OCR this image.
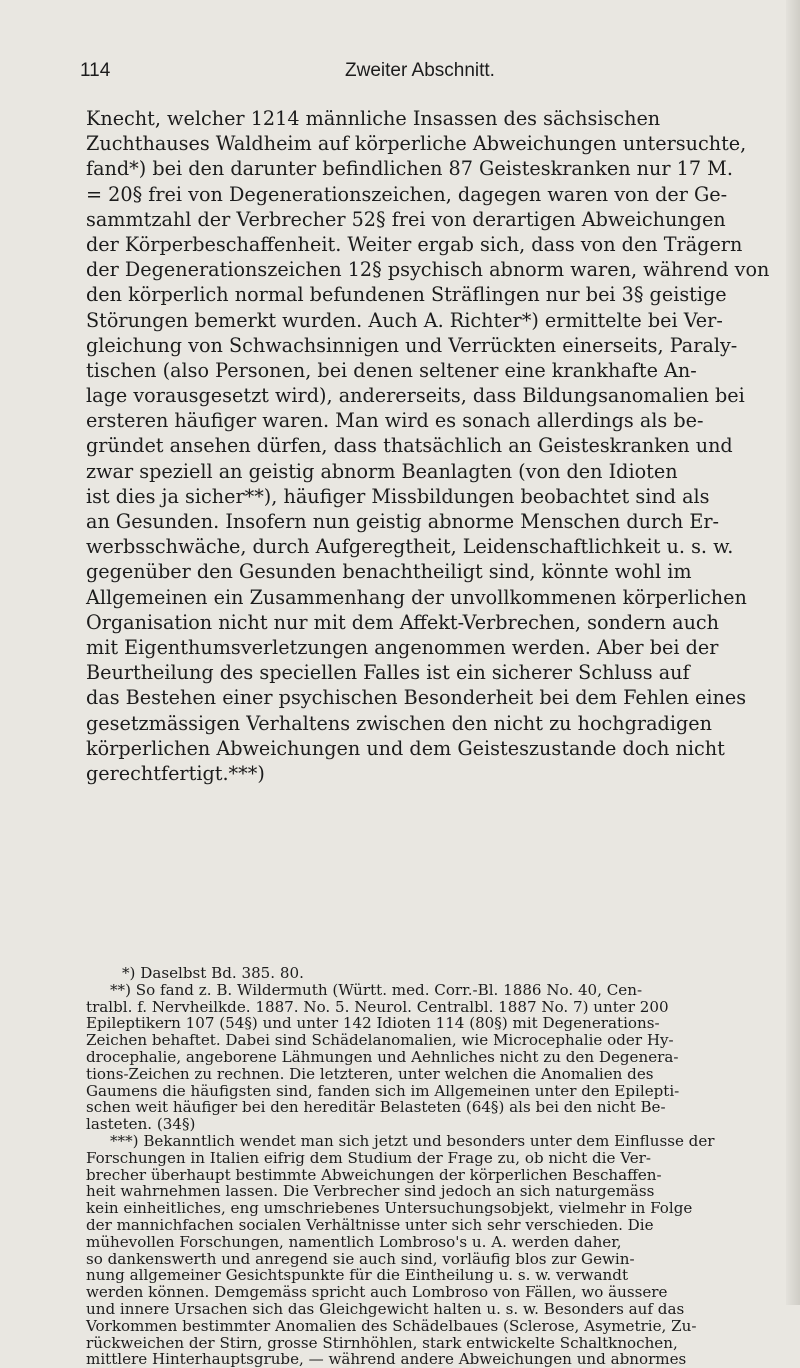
114	Zweiter Abschnitt.
Knecht, welcher 1214 männliche Insassen des sächsischen
Zuchthauses Waldheim auf körperliche Abweichungen untersuchte,
fand*) bei den darunter befindlichen 87 Geisteskranken nur 17 M.
= 20§ frei von Degenerationszeichen, dagegen waren von der Ge-
sammtzahl der Verbrecher 52§ frei von derartigen Abweichungen
der Körperbeschaffenheit. Weiter ergab sich, dass von den Trägern
der Degenerationszeichen 12§ psychisch abnorm waren, während von
den körperlich normal befundenen Sträflingen nur bei 3§ geistige
Störungen bemerkt wurden. Auch A. Richter*) ermittelte bei Ver-
gleichung von Schwachsinnigen und Verrückten einerseits, Paraly-
tischen (also Personen, bei denen seltener eine krankhafte An-
lage vorausgesetzt wird), andererseits, dass Bildungsanomalien bei
ersteren häufiger waren. Man wird es sonach allerdings als be-
gründet ansehen dürfen, dass thatsächlich an Geisteskranken und
zwar speziell an geistig abnorm Beanlagten (von den Idioten
ist dies ja sicher**), häufiger Missbildungen beobachtet sind als
an Gesunden. Insofern nun geistig abnorme Menschen durch Er-
werbsschwäche, durch Aufgeregtheit, Leidenschaftlichkeit u. s. w.
gegenüber den Gesunden benachtheiligt sind, könnte wohl im
Allgemeinen ein Zusammenhang der unvollkommenen körperlichen
Organisation nicht nur mit dem Affekt-Verbrechen, sondern auch
mit Eigenthumsverletzungen angenommen werden. Aber bei der
Beurtheilung des speciellen Falles ist ein sicherer Schluss auf
das Bestehen einer psychischen Besonderheit bei dem Fehlen eines
gesetzmässigen Verhaltens zwischen den nicht zu hochgradigen
körperlichen Abweichungen und dem Geisteszustande doch nicht
gerechtfertigt.***)
*) Daselbst Bd. 385. 80.
**) So fand z. B. Wildermuth (Württ. med. Corr.-Bl. 1886 No. 40, Cen-
tralbl. f. Nervheilkde. 1887. No. 5. Neurol. Centralbl. 1887 No. 7) unter 200
Epileptikern 107 (54§) und unter 142 Idioten 114 (80§) mit Degenerations-
Zeichen behaftet. Dabei sind Schädelanomalien, wie Microcephalie oder Hy-
drocephalie, angeborene Lähmungen und Aehnliches nicht zu den Degenera-
tions-Zeichen zu rechnen. Die letzteren, unter welchen die Anomalien des
Gaumens die häufigsten sind, fanden sich im Allgemeinen unter den Epilepti-
schen weit häufiger bei den hereditär Belasteten (64§) als bei den nicht Be-
lasteten. (34§)
***) Bekanntlich wendet man sich jetzt und besonders unter dem Einflusse der
Forschungen in Italien eifrig dem Studium der Frage zu, ob nicht die Ver-
brecher überhaupt bestimmte Abweichungen der körperlichen Beschaffen-
heit wahrnehmen lassen. Die Verbrecher sind jedoch an sich naturgemäss
kein einheitliches, eng umschriebenes Untersuchungsobjekt, vielmehr in Folge
der mannichfachen socialen Verhältnisse unter sich sehr verschieden. Die
mühevollen Forschungen, namentlich Lombroso's u. A. werden daher,
so dankenswerth und anregend sie auch sind, vorläufig blos zur Gewin-
nung allgemeiner Gesichtspunkte für die Eintheilung u. s. w. verwandt
werden können. Demgemäss spricht auch Lombroso von Fällen, wo äussere
und innere Ursachen sich das Gleichgewicht halten u. s. w. Besonders auf das
Vorkommen bestimmter Anomalien des Schädelbaues (Sclerose, Asymetrie, Zu-
rückweichen der Stirn, grosse Stirnhöhlen, stark entwickelte Schaltknochen,
mittlere Hinterhauptsgrube, — während andere Abweichungen und abnormes
